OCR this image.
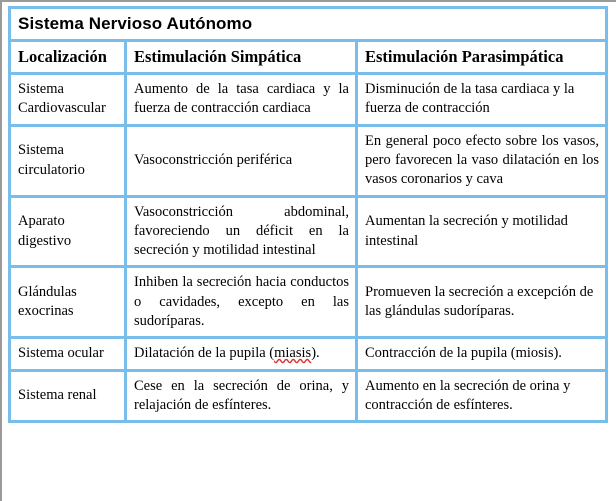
Sistema Nervioso Autónomo		
Localización	Estimulación Simpática	Estimulación Parasimpática
Sistema Cardiovascular	Aumento de la tasa cardiaca y la fuerza de contracción cardiaca	Disminución de la tasa cardiaca y la fuerza de contracción
Sistema circulatorio	Vasoconstricción periférica	En general poco efecto sobre los vasos, pero favorecen la vaso dilatación en los vasos coronarios y cava
Aparato digestivo	Vasoconstricción abdominal, favoreciendo un déficit en la secreción y motilidad intestinal	Aumentan la secreción y motilidad intestinal
Glándulas exocrinas	Inhiben la secreción hacia conductos o cavidades, excepto en las sudoríparas.	Promueven la secreción a excepción de las glándulas sudoríparas.
Sistema ocular	Dilatación de la pupila (miasis).	Contracción de la pupila (miosis).
Sistema renal	Cese en la secreción de orina, y relajación de esfínteres.	Aumento en la secreción de orina y contracción de esfínteres.
